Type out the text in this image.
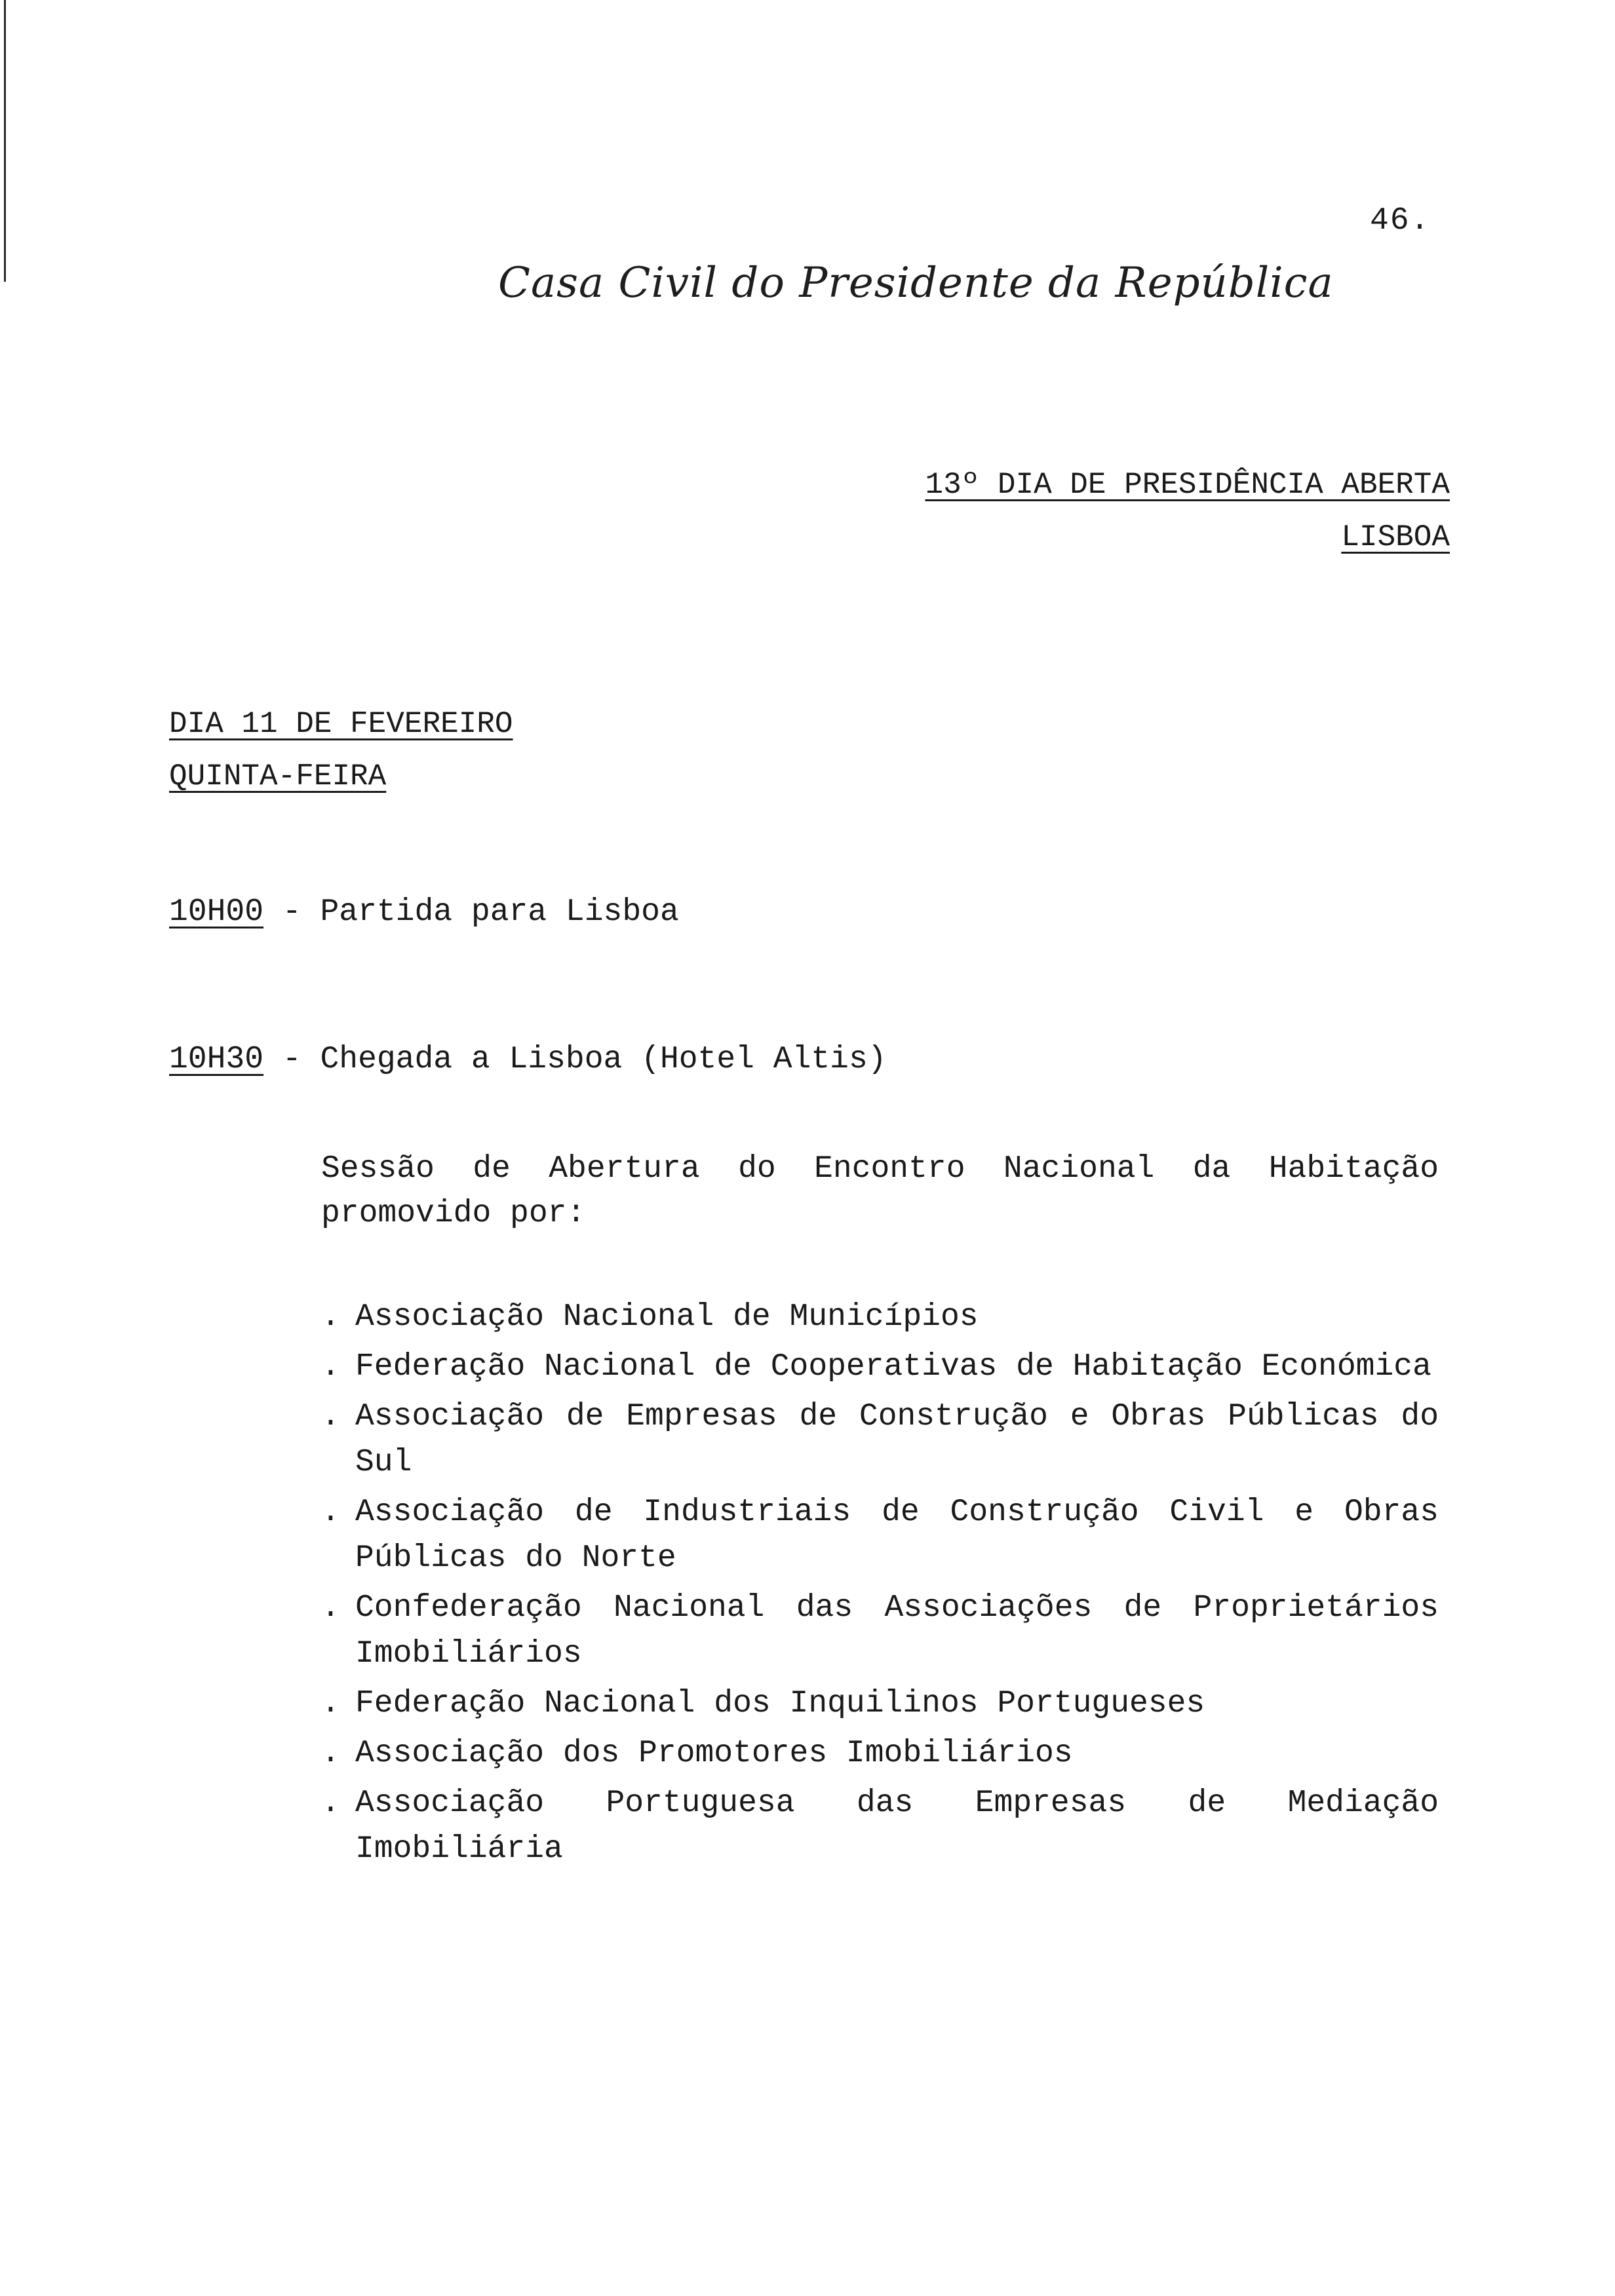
46.
Casa Civil do Presidente da República
13º DIA DE PRESIDÊNCIA ABERTA
LISBOA
DIA 11 DE FEVEREIRO
QUINTA-FEIRA
10H00 - Partida para Lisboa
10H30 - Chegada a Lisboa (Hotel Altis)
Sessão de Abertura do Encontro Nacional da Habitação promovido por:
. Associação Nacional de Municípios
. Federação Nacional de Cooperativas de Habitação Económica
. Associação de Empresas de Construção e Obras Públicas do Sul
. Associação de Industriais de Construção Civil e Obras Públicas do Norte
. Confederação Nacional das Associações de Proprietários Imobiliários
. Federação Nacional dos Inquilinos Portugueses
. Associação dos Promotores Imobiliários
. Associação Portuguesa das Empresas de Mediação Imobiliária
